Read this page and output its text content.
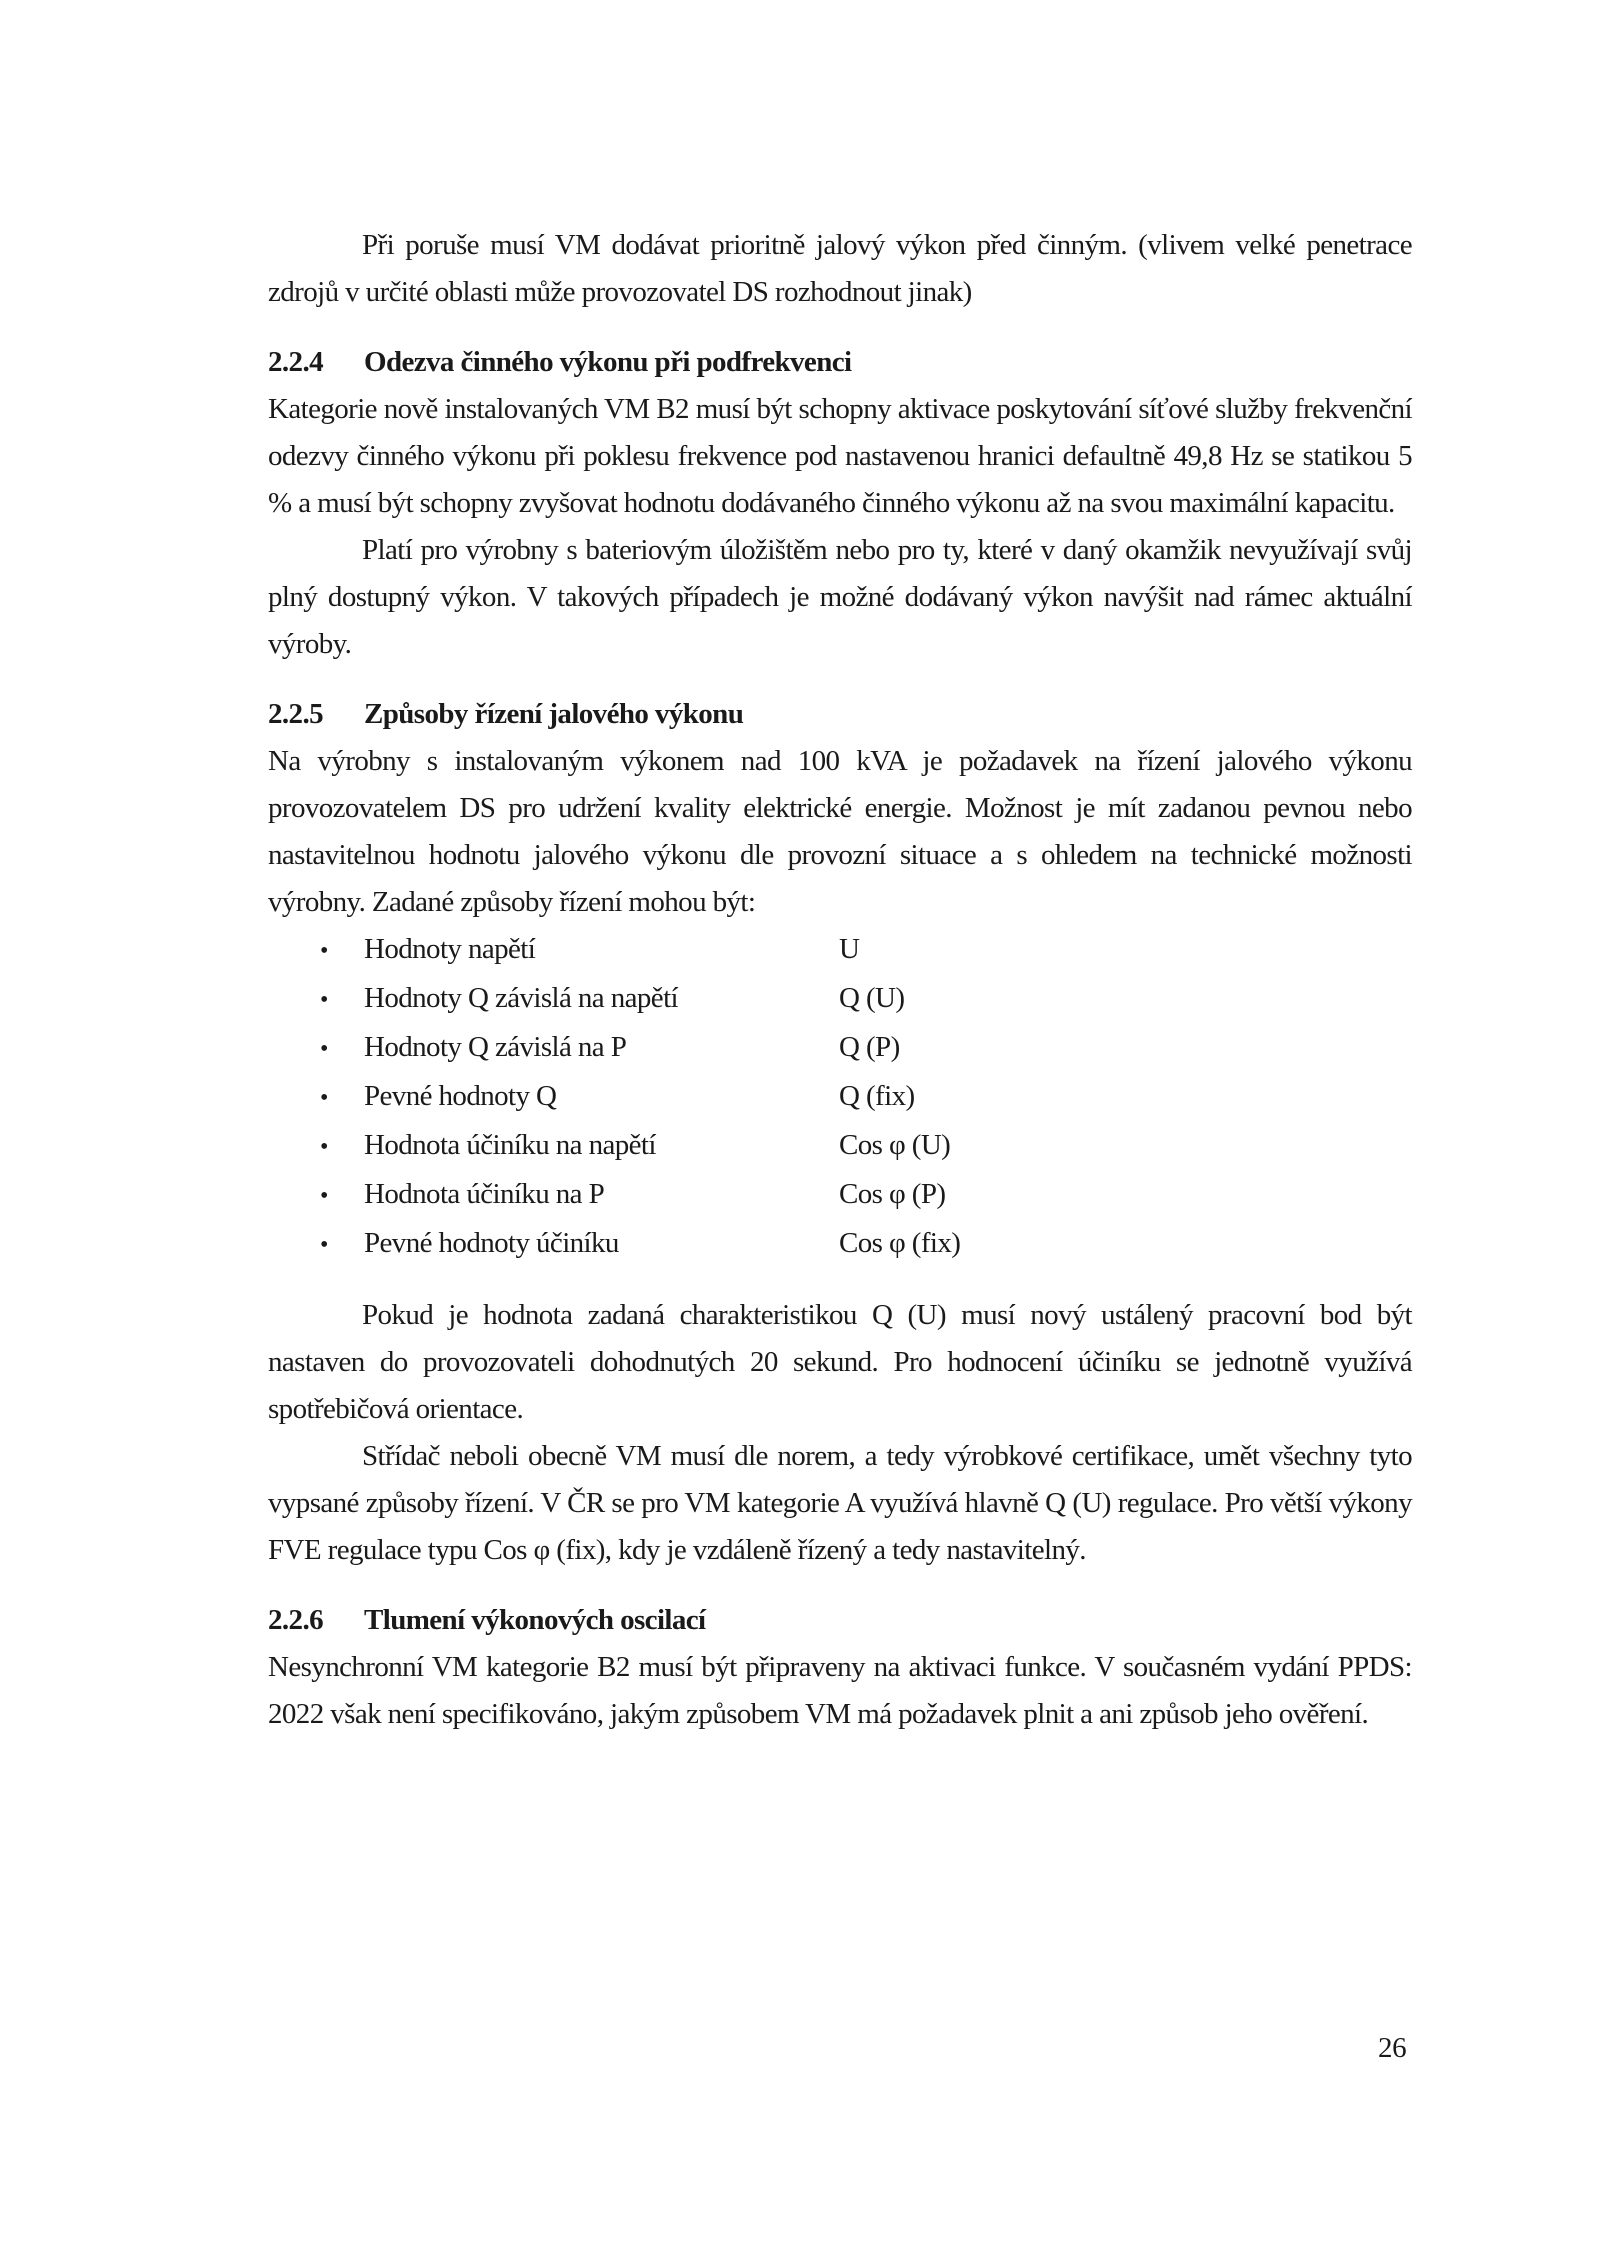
Při poruše musí VM dodávat prioritně jalový výkon před činným. (vlivem velké penetrace zdrojů v určité oblasti může provozovatel DS rozhodnout jinak)

2.2.4	Odezva činného výkonu při podfrekvenci

Kategorie nově instalovaných VM B2 musí být schopny aktivace poskytování síťové služby frekvenční odezvy činného výkonu při poklesu frekvence pod nastavenou hranici defaultně 49,8 Hz se statikou 5 % a musí být schopny zvyšovat hodnotu dodávaného činného výkonu až na svou maximální kapacitu.

Platí pro výrobny s bateriovým úložištěm nebo pro ty, které v daný okamžik nevyužívají svůj plný dostupný výkon. V takových případech je možné dodávaný výkon navýšit nad rámec aktuální výroby.

2.2.5	Způsoby řízení jalového výkonu

Na výrobny s instalovaným výkonem nad 100 kVA je požadavek na řízení jalového výkonu provozovatelem DS pro udržení kvality elektrické energie. Možnost je mít zadanou pevnou nebo nastavitelnou hodnotu jalového výkonu dle provozní situace a s ohledem na technické možnosti výrobny. Zadané způsoby řízení mohou být:

•	Hodnoty napětí	U
•	Hodnoty Q závislá na napětí	Q (U)
•	Hodnoty Q závislá na P	Q (P)
•	Pevné hodnoty Q	Q (fix)
•	Hodnota účiníku na napětí	Cos φ (U)
•	Hodnota účiníku na P	Cos φ (P)
•	Pevné hodnoty účiníku	Cos φ (fix)

Pokud je hodnota zadaná charakteristikou Q (U) musí nový ustálený pracovní bod být nastaven do provozovateli dohodnutých 20 sekund. Pro hodnocení účiníku se jednotně využívá spotřebičová orientace.

Střídač neboli obecně VM musí dle norem, a tedy výrobkové certifikace, umět všechny tyto vypsané způsoby řízení. V ČR se pro VM kategorie A využívá hlavně Q (U) regulace. Pro větší výkony FVE regulace typu Cos φ (fix), kdy je vzdáleně řízený a tedy nastavitelný.

2.2.6	Tlumení výkonových oscilací

Nesynchronní VM kategorie B2 musí být připraveny na aktivaci funkce. V současném vydání PPDS: 2022 však není specifikováno, jakým způsobem VM má požadavek plnit a ani způsob jeho ověření.

26
